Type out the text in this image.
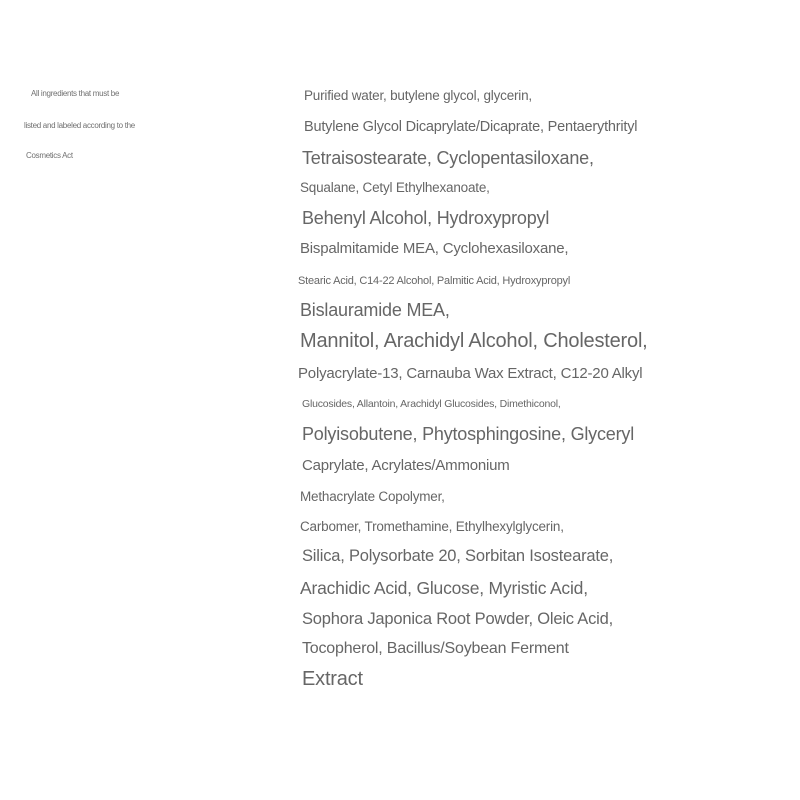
All ingredients that must be
listed and labeled according to the
Cosmetics Act
Purified water, butylene glycol, glycerin,
Butylene Glycol Dicaprylate/Dicaprate, Pentaerythrityl
Tetraisostearate, Cyclopentasiloxane,
Squalane, Cetyl Ethylhexanoate,
Behenyl Alcohol, Hydroxypropyl
Bispalmitamide MEA, Cyclohexasiloxane,
Stearic Acid, C14-22 Alcohol, Palmitic Acid, Hydroxypropyl
Bislauramide MEA,
Mannitol, Arachidyl Alcohol, Cholesterol,
Polyacrylate-13, Carnauba Wax Extract, C12-20 Alkyl
Glucosides, Allantoin, Arachidyl Glucosides, Dimethiconol,
Polyisobutene, Phytosphingosine, Glyceryl
Caprylate, Acrylates/Ammonium
Methacrylate Copolymer,
Carbomer, Tromethamine, Ethylhexylglycerin,
Silica, Polysorbate 20, Sorbitan Isostearate,
Arachidic Acid, Glucose, Myristic Acid,
Sophora Japonica Root Powder, Oleic Acid,
Tocopherol, Bacillus/Soybean Ferment
Extract
